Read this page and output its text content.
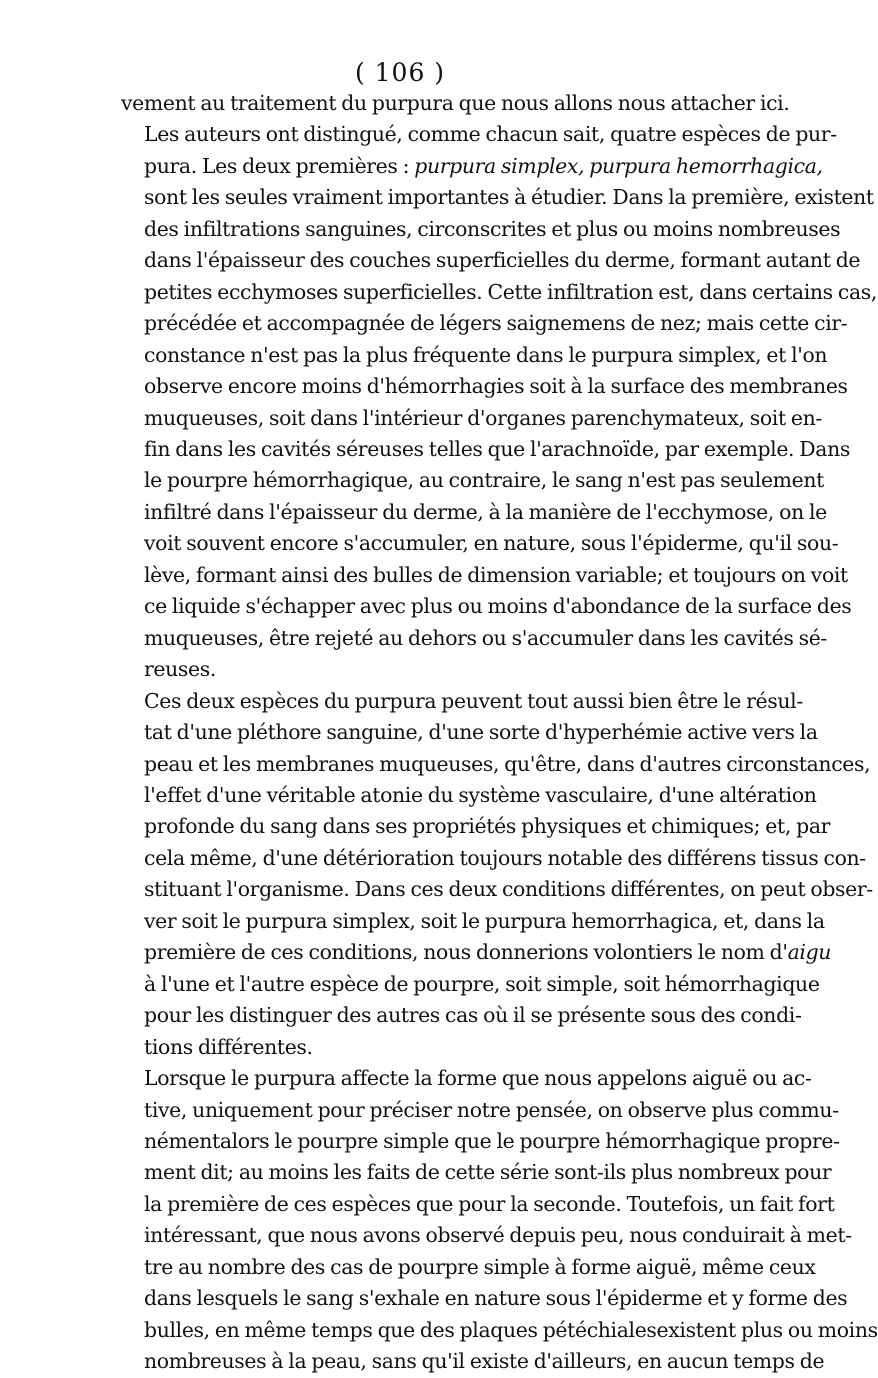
( 106 )

vement au traitement du purpura que nous allons nous attacher ici.

Les auteurs ont distingué, comme chacun sait, quatre espèces de pur-
pura. Les deux premières : purpura simplex, purpura hemorrhagica,
sont les seules vraiment importantes à étudier. Dans la première, existent
des infiltrations sanguines, circonscrites et plus ou moins nombreuses
dans l'épaisseur des couches superficielles du derme, formant autant de
petites ecchymoses superficielles. Cette infiltration est, dans certains cas,
précédée et accompagnée de légers saignemens de nez; mais cette cir-
constance n'est pas la plus fréquente dans le purpura simplex, et l'on
observe encore moins d'hémorrhagies soit à la surface des membranes
muqueuses, soit dans l'intérieur d'organes parenchymateux, soit en-
fin dans les cavités séreuses telles que l'arachnoïde, par exemple. Dans
le pourpre hémorrhagique, au contraire, le sang n'est pas seulement
infiltré dans l'épaisseur du derme, à la manière de l'ecchymose, on le
voit souvent encore s'accumuler, en nature, sous l'épiderme, qu'il sou-
lève, formant ainsi des bulles de dimension variable; et toujours on voit
ce liquide s'échapper avec plus ou moins d'abondance de la surface des
muqueuses, être rejeté au dehors ou s'accumuler dans les cavités sé-
reuses.

Ces deux espèces du purpura peuvent tout aussi bien être le résul-
tat d'une pléthore sanguine, d'une sorte d'hyperhémie active vers la
peau et les membranes muqueuses, qu'être, dans d'autres circonstances,
l'effet d'une véritable atonie du système vasculaire, d'une altération
profonde du sang dans ses propriétés physiques et chimiques; et, par
cela même, d'une détérioration toujours notable des différens tissus con-
stituant l'organisme. Dans ces deux conditions différentes, on peut obser-
ver soit le purpura simplex, soit le purpura hemorrhagica, et, dans la
première de ces conditions, nous donnerions volontiers le nom d'aigu
à l'une et l'autre espèce de pourpre, soit simple, soit hémorrhagique
pour les distinguer des autres cas où il se présente sous des condi-
tions différentes.

Lorsque le purpura affecte la forme que nous appelons aiguë ou ac-
tive, uniquement pour préciser notre pensée, on observe plus commu-
némentalors le pourpre simple que le pourpre hémorrhagique propre-
ment dit; au moins les faits de cette série sont-ils plus nombreux pour
la première de ces espèces que pour la seconde. Toutefois, un fait fort
intéressant, que nous avons observé depuis peu, nous conduirait à met-
tre au nombre des cas de pourpre simple à forme aiguë, même ceux
dans lesquels le sang s'exhale en nature sous l'épiderme et y forme des
bulles, en même temps que des plaques pétéchialesexistent plus ou moins
nombreuses à la peau, sans qu'il existe d'ailleurs, en aucun temps de
